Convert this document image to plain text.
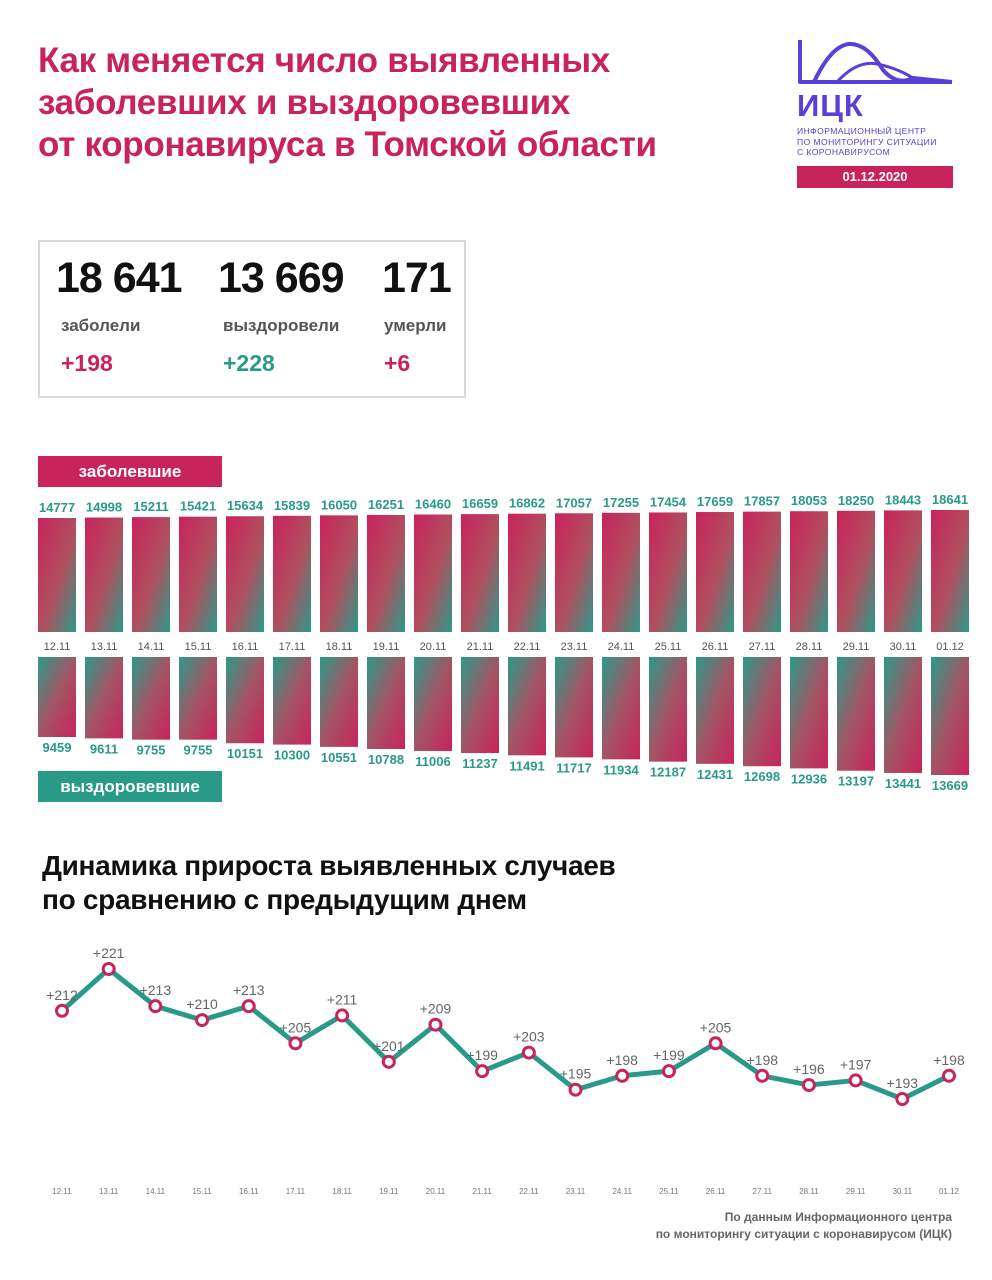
Как меняется число выявленных
заболевших и выздоровевших
от коронавируса в Томской области
ИЦК
ИНФОРМАЦИОННЫЙ ЦЕНТР
ПО МОНИТОРИНГУ СИТУАЦИИ
С КОРОНАВИРУСОМ
01.12.2020
18 641
заболели
+198
13 669
выздоровели
+228
171
умерли
+6
заболевшие
выздоровевшие
14777
12.11
9459
14998
13.11
9611
15211
14.11
9755
15421
15.11
9755
15634
16.11
10151
15839
17.11
10300
16050
18.11
10551
16251
19.11
10788
16460
20.11
11006
16659
21.11
11237
16862
22.11
11491
17057
23.11
11717
17255
24.11
11934
17454
25.11
12187
17659
26.11
12431
17857
27.11
12698
18053
28.11
12936
18250
29.11
13197
18443
30.11
13441
18641
01.12
13669
Динамика прироста выявленных случаев
по сравнению с предыдущим днем
+212
12.11
+221
13.11
+213
14.11
+210
15.11
+213
16.11
+205
17.11
+211
18.11
+201
19.11
+209
20.11
+199
21.11
+203
22.11
+195
23.11
+198
24.11
+199
25.11
+205
26.11
+198
27.11
+196
28.11
+197
29.11
+193
30.11
+198
01.12
По данным Информационного центра
по мониторингу ситуации с коронавирусом (ИЦК)
